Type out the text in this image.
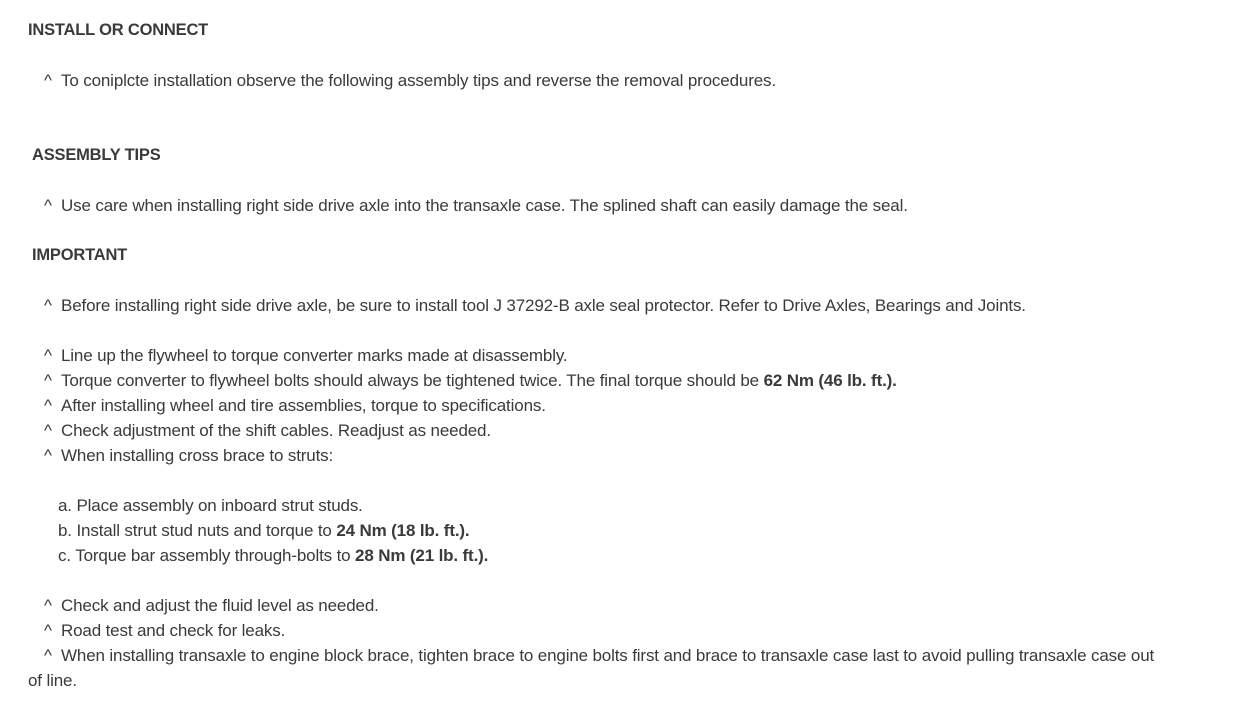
INSTALL OR CONNECT
^ To coniplcte installation observe the following assembly tips and reverse the removal procedures.
ASSEMBLY TIPS
^ Use care when installing right side drive axle into the transaxle case. The splined shaft can easily damage the seal.
IMPORTANT
^ Before installing right side drive axle, be sure to install tool J 37292-B axle seal protector. Refer to Drive Axles, Bearings and Joints.
^ Line up the flywheel to torque converter marks made at disassembly.
^ Torque converter to flywheel bolts should always be tightened twice. The final torque should be 62 Nm (46 lb. ft.).
^ After installing wheel and tire assemblies, torque to specifications.
^ Check adjustment of the shift cables. Readjust as needed.
^ When installing cross brace to struts:
a. Place assembly on inboard strut studs.
b. Install strut stud nuts and torque to 24 Nm (18 lb. ft.).
c. Torque bar assembly through-bolts to 28 Nm (21 lb. ft.).
^ Check and adjust the fluid level as needed.
^ Road test and check for leaks.
^ When installing transaxle to engine block brace, tighten brace to engine bolts first and brace to transaxle case last to avoid pulling transaxle case out
of line.
